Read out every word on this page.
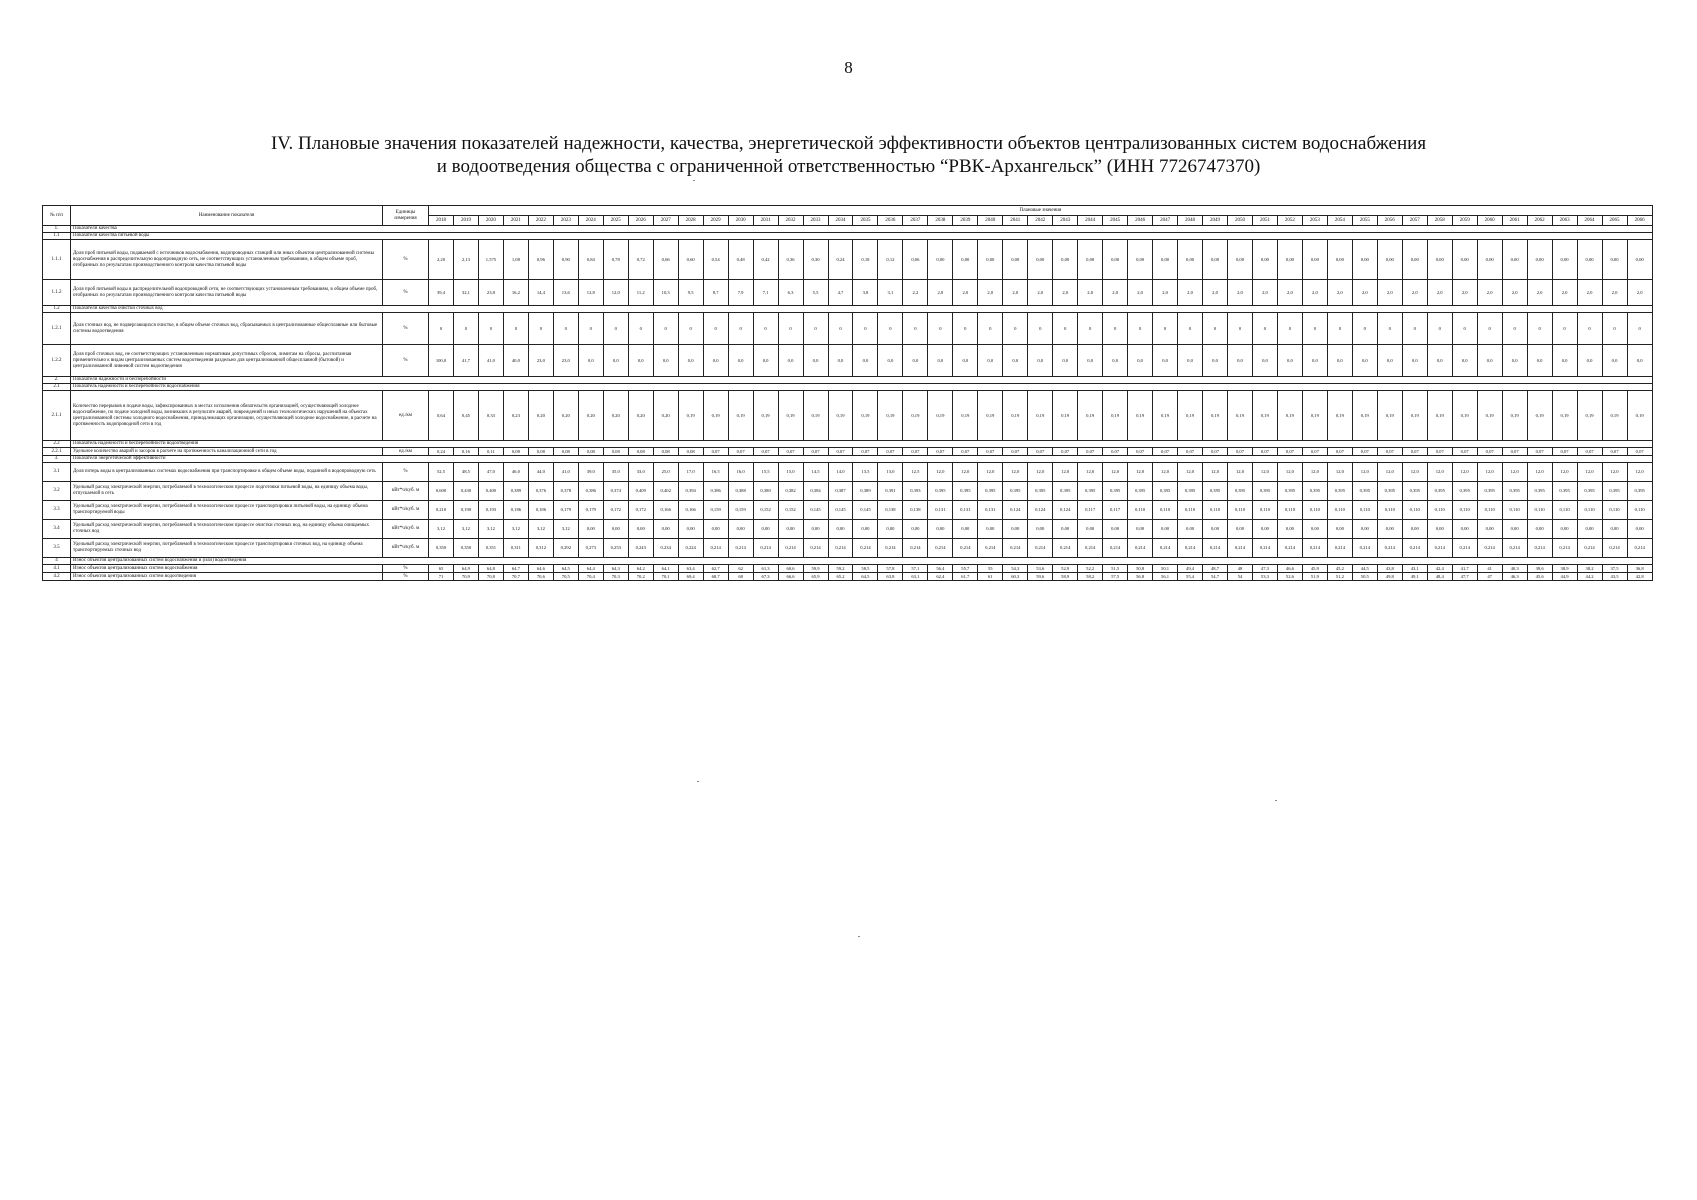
8
IV. Плановые значения показателей надежности, качества, энергетической эффективности объектов централизованных систем водоснабжения
и водоотведения общества с ограниченной ответственностью “РВК-Архангельск” (ИНН 7726747370)
№ п/п	Наименование показателя	Единицы измерения	Плановые значения																																																
			2018	2019	2020	2021	2022	2023	2024	2025	2026	2027	2028	2029	2030	2031	2032	2033	2034	2035	2036	2037	2038	2039	2040	2041	2042	2043	2044	2045	2046	2047	2048	2049	2050	2051	2052	2053	2054	2055	2056	2057	2058	2059	2060	2061	2062	2063	2064	2065	2066
1.	Показатели качества																																																		
1.1	Показатели качества питьевой воды																																																		
1.1.1	Доля проб питьевой воды, подаваемой с источников водоснабжения, водопроводных станций или иных объектов централизованной системы водоснабжения в распределительную водопроводную сеть, не соответствующих установленным требованиям, в общем объеме проб, отобранных по результатам производственного контроля качества питьевой воды	%	2,20	2,13	1,575	1,08	0,96	0,90	0,84	0,78	0,72	0,66	0,60	0,54	0,48	0,42	0,36	0,30	0,24	0,18	0,12	0,06	0,00	0,00	0,00	0,00	0,00	0,00	0,00	0,00	0,00	0,00	0,00	0,00	0,00	0,00	0,00	0,00	0,00	0,00	0,00	0,00	0,00	0,00	0,00	0,00	0,00	0,00	0,00	0,00	0,00
1.1.2	Доля проб питьевой воды в распределительной водопроводной сети, не соответствующих установленным требованиям, в общем объеме проб, отобранных по результатам производственного контроля качества питьевой воды	%	39,4	32,1	23,8	16,2	14,4	13,6	12,8	12,0	11,2	10,3	9,5	8,7	7,9	7,1	6,3	5,5	4,7	3,8	3,1	2,2	2,0	2,0	2,0	2,0	2,0	2,0	2,0	2,0	2,0	2,0	2,0	2,0	2,0	2,0	2,0	2,0	2,0	2,0	2,0	2,0	2,0	2,0	2,0	2,0	2,0	2,0	2,0	2,0	2,0
1.2	Показатели качества очистки сточных вод																																																		
1.2.1	Доля сточных вод, не подвергающихся очистке, в общем объеме сточных вод, сбрасываемых в централизованные общесплавные или бытовые системы водоотведения	%	0	0	0	0	0	0	0	0	0	0	0	0	0	0	0	0	0	0	0	0	0	0	0	0	0	0	0	0	0	0	0	0	0	0	0	0	0	0	0	0	0	0	0	0	0	0	0	0	0
1.2.2	Доля проб сточных вод, не соответствующих установленным нормативам допустимых сбросов, лимитам на сбросы, рассчитанная применительно к видам централизованных систем водоотведения раздельно для централизованной общесплавной (бытовой) и централизованной ливневой систем водоотведения	%	100,0	41,7	41,0	40,0	23,0	23,0	0,0	0,0	0,0	0,0	0,0	0,0	0,0	0,0	0,0	0,0	0,0	0,0	0,0	0,0	0,0	0,0	0,0	0,0	0,0	0,0	0,0	0,0	0,0	0,0	0,0	0,0	0,0	0,0	0,0	0,0	0,0	0,0	0,0	0,0	0,0	0,0	0,0	0,0	0,0	0,0	0,0	0,0	0,0
2.	Показатели надежности и бесперебойности																																																		
2.1	Показатель надежности и бесперебойности водоснабжения																																																		
2.1.1	Количество перерывов в подаче воды, зафиксированных в местах исполнения обязательств организацией, осуществляющей холодное водоснабжение, по подаче холодной воды, возникших в результате аварий, повреждений и иных технологических нарушений на объектах централизованной системы холодного водоснабжения, принадлежащих организации, осуществляющей холодное водоснабжение, в расчете на протяженность водопроводной сети в год	ед./км	0,64	0,45	0,33	0,23	0,20	0,20	0,20	0,20	0,20	0,20	0,19	0,19	0,19	0,19	0,19	0,19	0,19	0,19	0,19	0,19	0,19	0,19	0,19	0,19	0,19	0,19	0,19	0,19	0,19	0,19	0,19	0,19	0,19	0,19	0,19	0,19	0,19	0,19	0,19	0,19	0,19	0,19	0,19	0,19	0,19	0,19	0,19	0,19	0,19
2.2	Показатель надежности и бесперебойности водоотведения																																																		
2.2.1	Удельное количество аварий и засоров в расчете на протяженность канализационной сети в год	ед./км	0,24	0,16	0,11	0,08	0,08	0,08	0,08	0,08	0,08	0,08	0,08	0,07	0,07	0,07	0,07	0,07	0,07	0,07	0,07	0,07	0,07	0,07	0,07	0,07	0,07	0,07	0,07	0,07	0,07	0,07	0,07	0,07	0,07	0,07	0,07	0,07	0,07	0,07	0,07	0,07	0,07	0,07	0,07	0,07	0,07	0,07	0,07	0,07	0,07
3.	Показатели энергетической эффективности																																																		
3.1	Доля потерь воды в централизованных системах водоснабжения при транспортировке в общем объеме воды, поданной в водопроводную сеть	%	52,5	48,5	47,0	46,0	44,0	41,0	39,0	35,0	33,0	25,0	17,0	16,5	16,0	15,5	15,0	14,5	14,0	13,5	13,0	12,5	12,0	12,0	12,0	12,0	12,0	12,0	12,0	12,0	12,0	12,0	12,0	12,0	12,0	12,0	12,0	12,0	12,0	12,0	12,0	12,0	12,0	12,0	12,0	12,0	12,0	12,0	12,0	12,0	12,0
3.2	Удельный расход электрической энергии, потребляемой в технологическом процессе подготовки питьевой воды, на единицу объема воды, отпускаемой в сеть	кВт*ч/куб. м	0,600	0,430	0,400	0,389	0,376	0,378	0,386	0,374	0,409	0,402	0,394	0,386	0,388	0,380	0,382	0,384	0,387	0,389	0,391	0,393	0,395	0,395	0,395	0,395	0,395	0,395	0,395	0,395	0,395	0,395	0,395	0,395	0,395	0,395	0,395	0,395	0,395	0,395	0,395	0,395	0,395	0,395	0,395	0,395	0,395	0,395	0,395	0,395	0,395
3.3	Удельный расход электрической энергии, потребляемой в технологическом процессе транспортировки питьевой воды, на единицу объема транспортируемой воды	кВт*ч/куб. м	0,210	0,190	0,193	0,186	0,186	0,179	0,179	0,172	0,172	0,166	0,166	0,159	0,159	0,152	0,152	0,145	0,145	0,145	0,138	0,138	0,131	0,131	0,131	0,124	0,124	0,124	0,117	0,117	0,110	0,110	0,110	0,110	0,110	0,110	0,110	0,110	0,110	0,110	0,110	0,110	0,110	0,110	0,110	0,110	0,110	0,110	0,110	0,110	0,110
3.4	Удельный расход электрической энергии, потребляемой в технологическом процессе очистки сточных вод, на единицу объема очищаемых сточных вод	кВт*ч/куб. м	3,12	3,12	3,12	3,12	3,12	3,12	0,00	0,00	0,00	0,00	0,00	0,00	0,00	0,00	0,00	0,00	0,00	0,00	0,00	0,00	0,00	0,00	0,00	0,00	0,00	0,00	0,00	0,00	0,00	0,00	0,00	0,00	0,00	0,00	0,00	0,00	0,00	0,00	0,00	0,00	0,00	0,00	0,00	0,00	0,00	0,00	0,00	0,00	0,00
3.5	Удельный расход электрической энергии, потребляемой в технологическом процессе транспортировки сточных вод, на единицу объема транспортируемых сточных вод	кВт*ч/куб. м	0,350	0,350	0,351	0,311	0,312	0,292	0,273	0,253	0,243	0,234	0,224	0,214	0,214	0,214	0,214	0,214	0,214	0,214	0,214	0,214	0,214	0,214	0,214	0,214	0,214	0,214	0,214	0,214	0,214	0,214	0,214	0,214	0,214	0,214	0,214	0,214	0,214	0,214	0,214	0,214	0,214	0,214	0,214	0,214	0,214	0,214	0,214	0,214	0,214
4	Износ объектов централизованных систем водоснабжения и (или) водоотведения																																																		
4.1	Износ объектов централизованных систем водоснабжения	%	65	64,9	64,8	64,7	64,6	64,5	64,4	64,3	64,2	64,1	63,4	62,7	62	61,3	60,6	59,9	59,2	58,5	57,8	57,1	56,4	55,7	55	54,3	53,6	52,9	52,2	51,5	50,8	50,1	49,4	48,7	48	47,3	46,6	45,9	45,2	44,5	43,8	43,1	42,4	41,7	41	40,3	39,6	38,9	38,2	37,5	36,8
4.2	Износ объектов централизованных систем водоотведения	%	71	70,9	70,8	70,7	70,6	70,5	70,4	70,3	70,2	70,1	69,4	68,7	68	67,3	66,6	65,9	65,2	64,5	63,8	63,1	62,4	61,7	61	60,3	59,6	58,9	58,2	57,5	56,8	56,1	55,4	54,7	54	53,3	52,6	51,9	51,2	50,5	49,8	49,1	48,4	47,7	47	46,3	45,6	44,9	44,2	43,5	42,8
